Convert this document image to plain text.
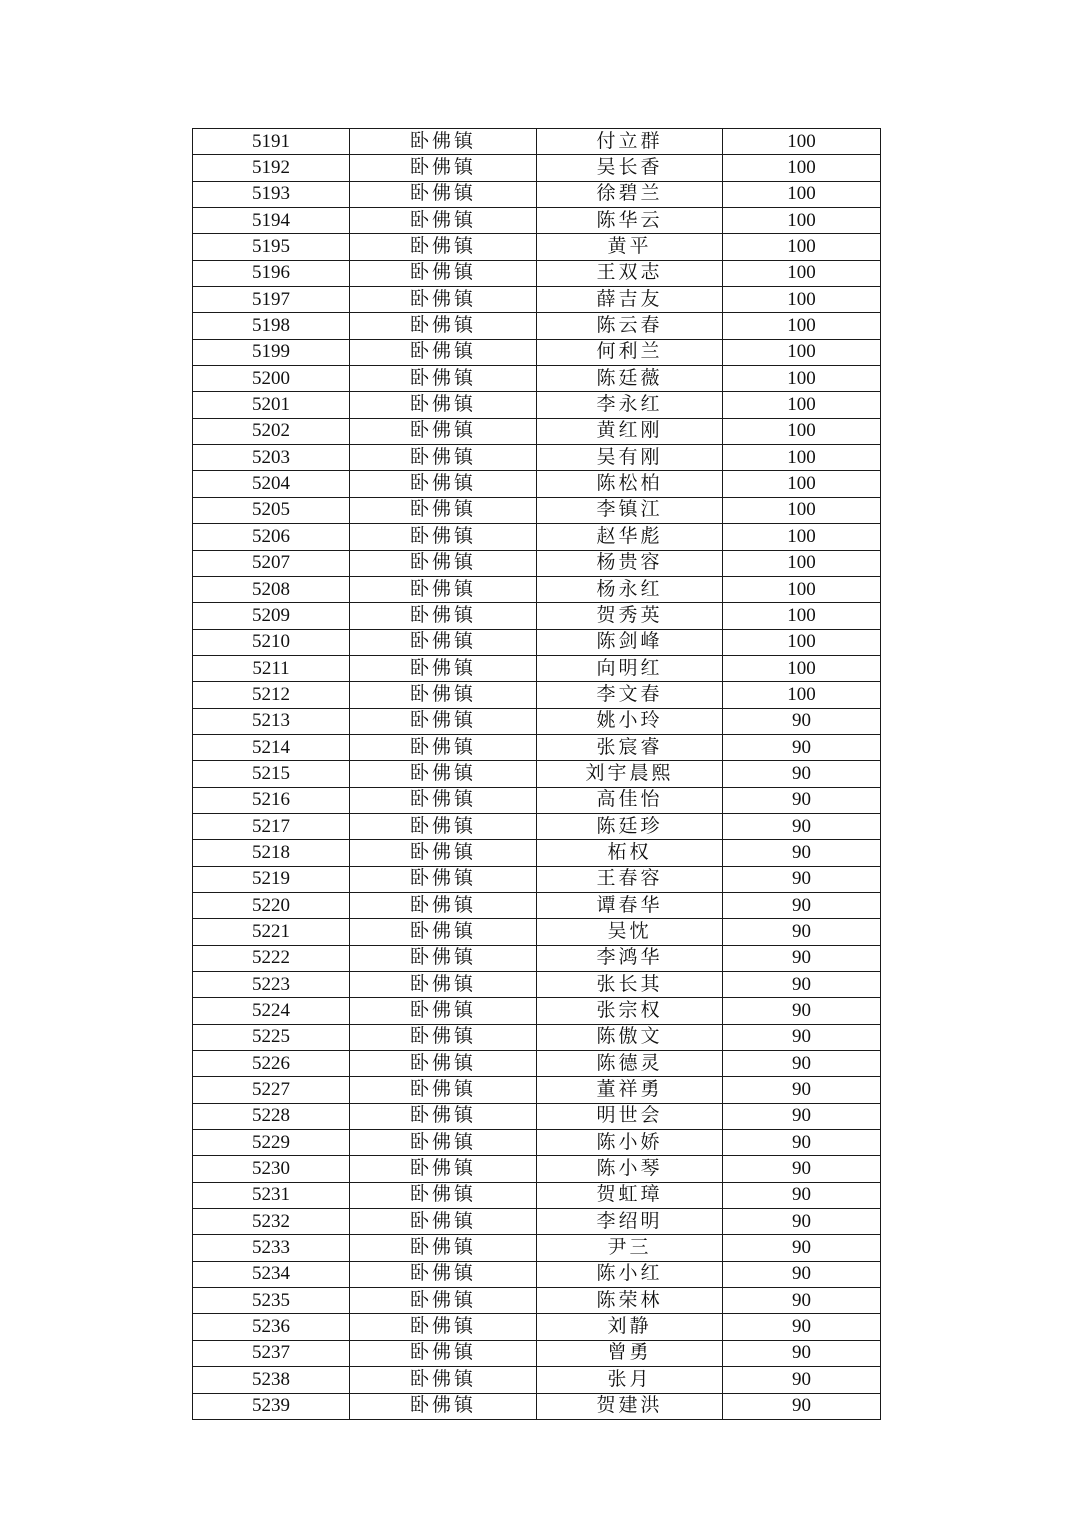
5191	卧佛镇	付立群	100
5192	卧佛镇	吴长香	100
5193	卧佛镇	徐碧兰	100
5194	卧佛镇	陈华云	100
5195	卧佛镇	黄平	100
5196	卧佛镇	王双志	100
5197	卧佛镇	薛吉友	100
5198	卧佛镇	陈云春	100
5199	卧佛镇	何利兰	100
5200	卧佛镇	陈廷薇	100
5201	卧佛镇	李永红	100
5202	卧佛镇	黄红刚	100
5203	卧佛镇	吴有刚	100
5204	卧佛镇	陈松柏	100
5205	卧佛镇	李镇江	100
5206	卧佛镇	赵华彪	100
5207	卧佛镇	杨贵容	100
5208	卧佛镇	杨永红	100
5209	卧佛镇	贺秀英	100
5210	卧佛镇	陈剑峰	100
5211	卧佛镇	向明红	100
5212	卧佛镇	李文春	100
5213	卧佛镇	姚小玲	90
5214	卧佛镇	张宸睿	90
5215	卧佛镇	刘宇晨熙	90
5216	卧佛镇	高佳怡	90
5217	卧佛镇	陈廷珍	90
5218	卧佛镇	柘权	90
5219	卧佛镇	王春容	90
5220	卧佛镇	谭春华	90
5221	卧佛镇	吴忱	90
5222	卧佛镇	李鸿华	90
5223	卧佛镇	张长其	90
5224	卧佛镇	张宗权	90
5225	卧佛镇	陈傲文	90
5226	卧佛镇	陈德灵	90
5227	卧佛镇	董祥勇	90
5228	卧佛镇	明世会	90
5229	卧佛镇	陈小娇	90
5230	卧佛镇	陈小琴	90
5231	卧佛镇	贺虹璋	90
5232	卧佛镇	李绍明	90
5233	卧佛镇	尹三	90
5234	卧佛镇	陈小红	90
5235	卧佛镇	陈荣林	90
5236	卧佛镇	刘静	90
5237	卧佛镇	曾勇	90
5238	卧佛镇	张月	90
5239	卧佛镇	贺建洪	90
